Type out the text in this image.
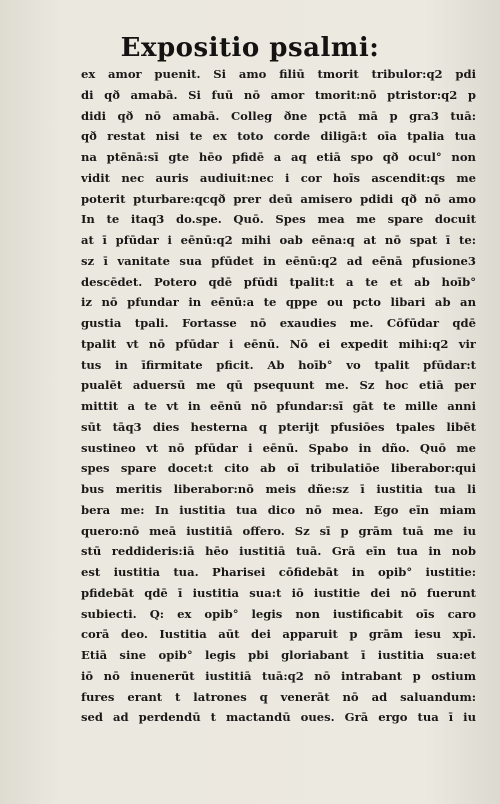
Expositio psalmi:
ex amor puenit. Si amo filiū tmorit tribulor:q2 pdi
di qð amabā. Si fuū nō amor tmorit:nō ptristor:q2 p
didi qð nō amabā. Colleg ðne pctā mā p gra3 tuā:
qð restat nisi te ex toto corde diligā:t oīa tpalia tua
na ptēnā:sī gte hēo pfidē a aq etiā spo qð ocul° non
vidit nec auris audiuit:nec i cor hoīs ascendit:qs me
poterit pturbare:qcqð prer deū amisero pdidi qð nō amo
In te itaq3 do.spe. Quō. Spes mea me spare docuit
at ī pfūdar i eēnū:q2 mihi oab eēna:q at nō spat ī te:
sz ī vanitate sua pfūdet in eēnū:q2 ad eēnā pfusione3
descēdet. Potero qdē pfūdi tpalit:t a te et ab hoīb°
iz nō pfundar in eēnū:a te qppe ou pcto libari ab an
gustia tpali. Fortasse nō exaudies me. Cōfūdar qdē
tpalit vt nō pfūdar i eēnū. Nō ei expedit mihi:q2 vir
tus in īfirmitate pficit. Ab hoīb° vo tpalit pfūdar:t
pualēt aduersū me qū psequunt me. Sz hoc etiā per
mittit a te vt in eēnū nō pfundar:sī gāt te mille anni
sūt tāq3 dies hesterna q pterijt pfusiōes tpales libēt
sustineo vt nō pfūdar i eēnū. Spabo in dño. Quō me
spes spare docet:t cito ab oī tribulatiōe liberabor:qui
bus meritis liberabor:nō meis dñe:sz ī iustitia tua li
bera me: In iustitia tua dico nō mea. Ego eīn miam
quero:nō meā iustitiā offero. Sz sī p grām tuā me iu
stū reddideris:iā hēo iustitiā tuā. Grā eīn tua in nob
est iustitia tua. Pharisei cōfidebāt in opib° iustitie:
pfidebāt qdē ī iustitia sua:t iō iustitie dei nō fuerunt
subiecti. Q: ex opib° legis non iustificabit oīs caro
corā deo. Iustitia aūt dei apparuit p grām iesu xpī.
Etiā sine opib° legis pbi gloriabant ī iustitia sua:et
iō nō inuenerūt iustitiā tuā:q2 nō intrabant p ostium
fures erant t latrones q venerāt nō ad saluandum:
sed ad perdendū t mactandū oues. Grā ergo tua ī iu
